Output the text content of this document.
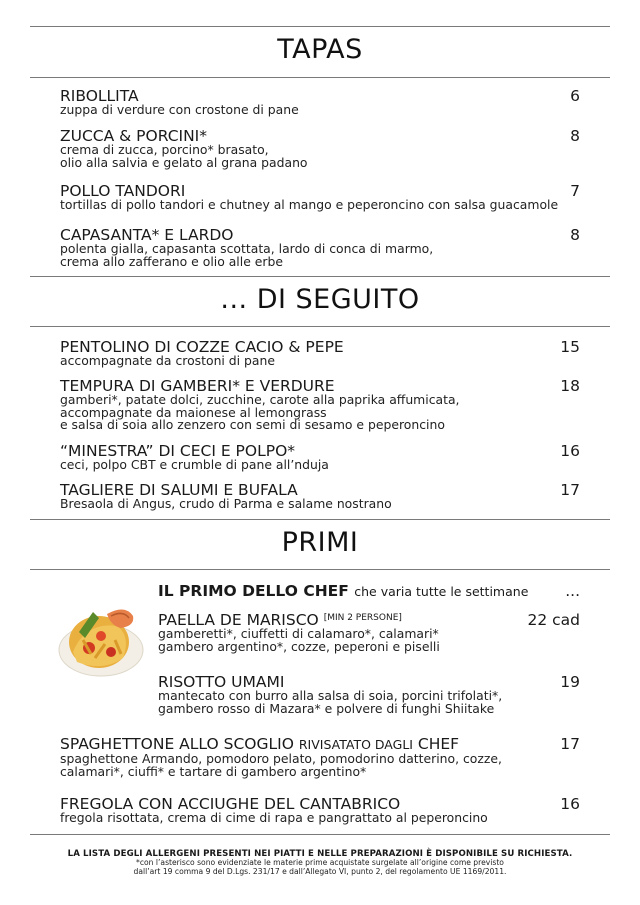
TAPAS
RIBOLLITA	6
zuppa di verdure con crostone di pane
ZUCCA & PORCINI*	8
crema di zucca, porcino* brasato,
olio alla salvia e gelato al grana padano
POLLO TANDORI	7
tortillas di pollo tandori e chutney al mango e peperoncino con salsa guacamole
CAPASANTA* E LARDO	8
polenta gialla, capasanta scottata, lardo di conca di marmo,
crema allo zafferano e olio alle erbe
... DI SEGUITO
PENTOLINO DI COZZE CACIO & PEPE	15
accompagnate da crostoni di pane
TEMPURA DI GAMBERI* E VERDURE	18
gamberi*, patate dolci, zucchine, carote alla paprika affumicata,
accompagnate da maionese al lemongrass
e salsa di soia allo zenzero con semi di sesamo e peperoncino
“MINESTRA” DI CECI E POLPO*	16
ceci, polpo CBT e crumble di pane all’nduja
TAGLIERE DI SALUMI E BUFALA	17
Bresaola di Angus, crudo di Parma e salame nostrano
PRIMI
IL PRIMO DELLO CHEF che varia tutte le settimane	...
PAELLA DE MARISCO [MIN 2 PERSONE]	22 cad
gamberetti*, ciuffetti di calamaro*, calamari*
gambero argentino*, cozze, peperoni e piselli
RISOTTO UMAMI	19
mantecato con burro alla salsa di soia, porcini trifolati*,
gambero rosso di Mazara* e polvere di funghi Shiitake
SPAGHETTONE ALLO SCOGLIO RIVISATATO DAGLI CHEF	17
spaghettone Armando, pomodoro pelato, pomodorino datterino, cozze,
calamari*, ciuffi* e tartare di gambero argentino*
FREGOLA CON ACCIUGHE DEL CANTABRICO	16
fregola risottata, crema di cime di rapa e pangrattato al peperoncino
LA LISTA DEGLI ALLERGENI PRESENTI NEI PIATTI E NELLE PREPARAZIONI È DISPONIBILE SU RICHIESTA.
*con l’asterisco sono evidenziate le materie prime acquistate surgelate all’origine come previsto
dall’art 19 comma 9 del D.Lgs. 231/17 e dall’Allegato VI, punto 2, del regolamento UE 1169/2011.
